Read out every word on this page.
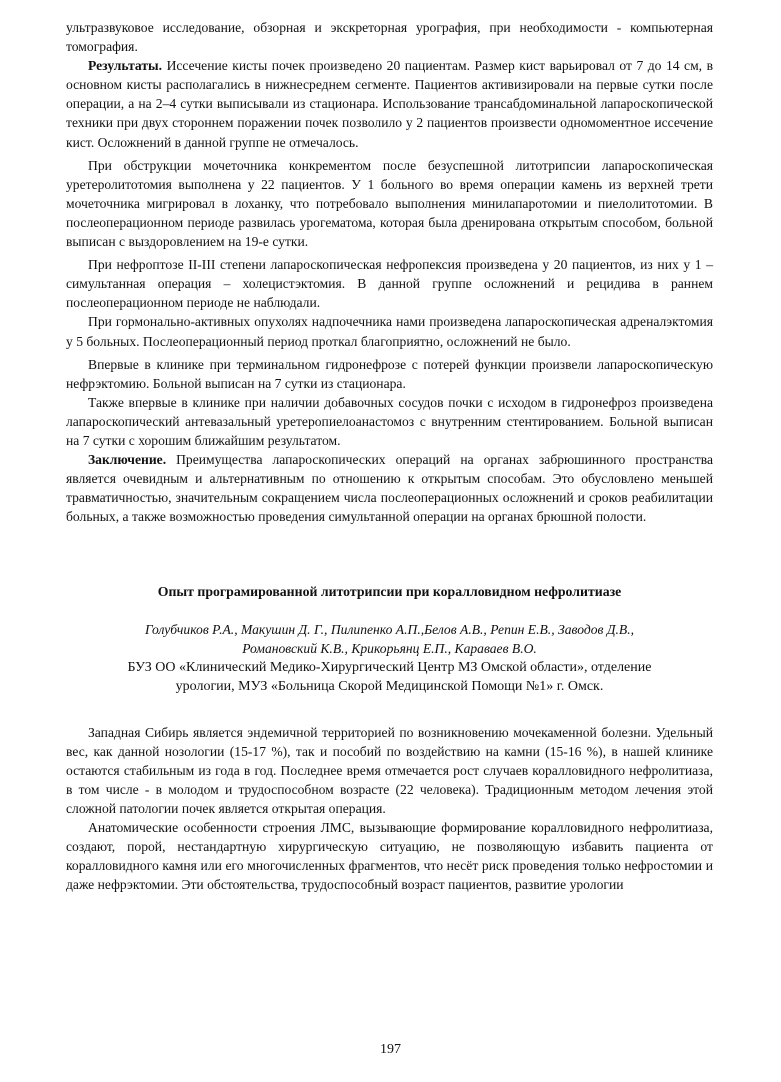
ультразвуковое исследование, обзорная и экскреторная урография, при необходимости - компьютерная томография.

Результаты. Иссечение кисты почек произведено 20 пациентам. Размер кист варьировал от 7 до 14 см, в основном кисты располагались в нижнесреднем сегменте. Пациентов активизировали на первые сутки после операции, а на 2–4 сутки выписывали из стационара. Использование трансабдоминальной лапароскопической техники при двух стороннем поражении почек позволило у 2 пациентов произвести одномоментное иссечение кист. Осложнений в данной группе не отмечалось.

При обструкции мочеточника конкрементом после безуспешной литотрипсии лапароскопическая уретеролитотомия выполнена у 22 пациентов. У 1 больного во время операции камень из верхней трети мочеточника мигрировал в лоханку, что потребовало выполнения минилапаротомии и пиелолитотомии. В послеоперационном периоде развилась урогематома, которая была дренирована открытым способом, больной выписан с выздоровлением на 19-е сутки.

При нефроптозе II-III степени лапароскопическая нефропексия произведена у 20 пациентов, из них у 1 – симультанная операция – холецистэктомия. В данной группе осложнений и рецидива в раннем послеоперационном периоде не наблюдали.

При гормонально-активных опухолях надпочечника нами произведена лапароскопическая адреналэктомия у 5 больных. Послеоперационный период проткал благоприятно, осложнений не было.

Впервые в клинике при терминальном гидронефрозе с потерей функции произвели лапароскопическую нефрэктомию. Больной выписан на 7 сутки из стационара.

Также впервые в клинике при наличии добавочных сосудов почки с исходом в гидронефроз произведена лапароскопический антевазальный уретеропиелоанастомоз с внутренним стентированием. Больной выписан на 7 сутки с хорошим ближайшим результатом.

Заключение. Преимущества лапароскопических операций на органах забрюшинного пространства является очевидным и альтернативным по отношению к открытым способам. Это обусловлено меньшей травматичностью, значительным сокращением числа послеоперационных осложнений и сроков реабилитации больных, а также возможностью проведения симультанной операции на органах брюшной полости.

Опыт програмированной литотрипсии при коралловидном нефролитиазе

Голубчиков Р.А., Макушин Д. Г., Пилипенко А.П.,Белов А.В., Репин Е.В., Заводов Д.В.,

Романовский К.В., Крикорьянц Е.П., Караваев В.О.

БУЗ ОО «Клинический Медико-Хирургический Центр МЗ Омской области», отделение

урологии, МУЗ «Больница Скорой Медицинской Помощи №1» г. Омск.

Западная Сибирь является эндемичной территорией по возникновению мочекаменной болезни. Удельный вес, как данной нозологии (15-17 %), так и пособий по воздействию на камни (15-16 %), в нашей клинике остаются стабильным из года в год. Последнее время отмечается рост случаев коралловидного нефролитиаза, в том числе - в молодом и трудоспособном возрасте (22 человека). Традиционным методом лечения этой сложной патологии почек является открытая операция.

Анатомические особенности строения ЛМС, вызывающие формирование коралловидного нефролитиаза, создают, порой, нестандартную хирургическую ситуацию, не позволяющую избавить пациента от коралловидного камня или его многочисленных фрагментов, что несёт риск проведения только нефростомии и даже нефрэктомии. Эти обстоятельства, трудоспособный возраст пациентов, развитие урологии

197
